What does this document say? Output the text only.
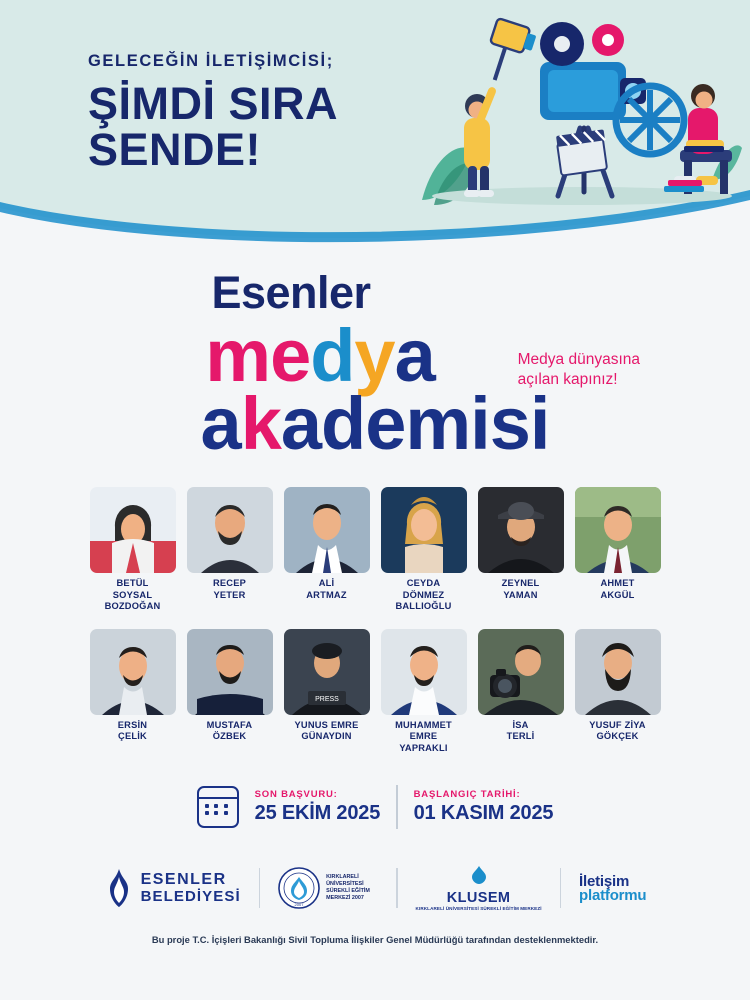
GELECEĞİN İLETİŞİMCİSİ;
ŞİMDİ SIRA
SENDE!
Esenler
medya
akademisi
Medya dünyasına
açılan kapınız!
BETÜL
SOYSAL
BOZDOĞAN
RECEP
YETER
ALİ
ARTMAZ
CEYDA
DÖNMEZ
BALLIOĞLU
ZEYNEL
YAMAN
AHMET
AKGÜL
ERSİN
ÇELİK
MUSTAFA
ÖZBEK
PRESS
YUNUS EMRE
GÜNAYDIN
MUHAMMET
EMRE
YAPRAKLI
İSA
TERLİ
YUSUF ZİYA
GÖKÇEK
SON BAŞVURU:
25 EKİM 2025
BAŞLANGIÇ TARİHİ:
01 KASIM 2025
ESENLER
BELEDİYESİ	2007
KIRKLARELİ ÜNİVERSİTESİ SÜREKLİ EĞİTİM MERKEZİ 2007	KLUSEM
KIRKLARELİ ÜNİVERSİTESİ SÜREKLİ EĞİTİM MERKEZİ
İletişim
platformu
Bu proje T.C. İçişleri Bakanlığı Sivil Topluma İlişkiler Genel Müdürlüğü tarafından desteklenmektedir.
